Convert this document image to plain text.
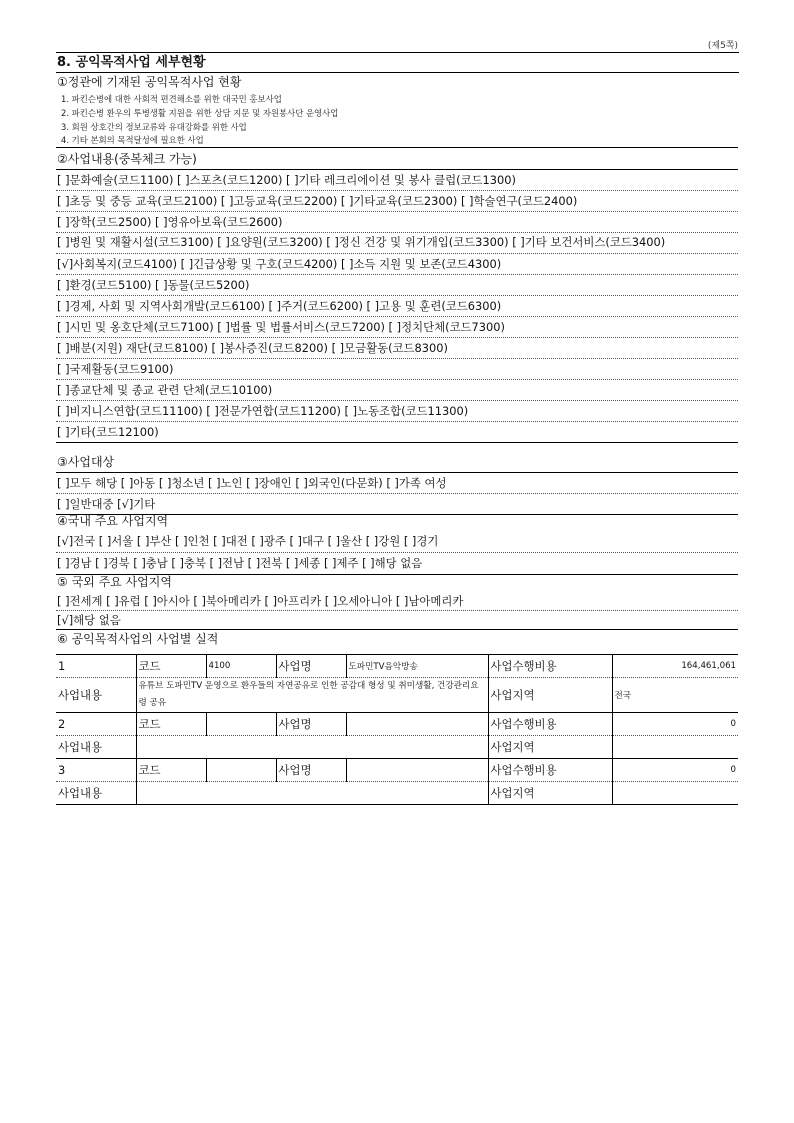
(제5쪽)
8. 공익목적사업 세부현황
①정관에 기재된 공익목적사업 현황
1. 파킨슨병에 대한 사회적 편견해소를 위한 대국민 홍보사업
2. 파킨슨병 환우의 투병생활 지원을 위한 상담 지문 및 자원봉사단 운영사업
3. 회원 상호간의 정보교류와 유대강화를 위한 사업
4. 기타 본회의 목적달성에 필요한 사업
②사업내용(중복체크 가능)
[ ]문화예술(코드1100) [ ]스포츠(코드1200) [ ]기타 레크리에이션 및 봉사 클럽(코드1300)
[ ]초등 및 중등 교육(코드2100) [ ]고등교육(코드2200) [ ]기타교육(코드2300) [ ]학술연구(코드2400)
[ ]장학(코드2500) [ ]영유아보육(코드2600)
[ ]병원 및 재활시설(코드3100) [ ]요양원(코드3200) [ ]정신 건강 및 위기개입(코드3300) [ ]기타 보건서비스(코드3400)
[√]사회복지(코드4100) [ ]긴급상황 및 구호(코드4200) [ ]소득 지원 및 보존(코드4300)
[ ]환경(코드5100) [ ]동물(코드5200)
[ ]경제, 사회 및 지역사회개발(코드6100) [ ]주거(코드6200) [ ]고용 및 훈련(코드6300)
[ ]시민 및 옹호단체(코드7100) [ ]법률 및 법률서비스(코드7200) [ ]정치단체(코드7300)
[ ]배분(지원) 재단(코드8100) [ ]봉사증진(코드8200) [ ]모금활동(코드8300)
[ ]국제활동(코드9100)
[ ]종교단체 및 종교 관련 단체(코드10100)
[ ]비지니스연합(코드11100) [ ]전문가연합(코드11200) [ ]노동조합(코드11300)
[ ]기타(코드12100)
③사업대상
[ ]모두 해당 [ ]아동 [ ]청소년 [ ]노인 [ ]장애인 [ ]외국인(다문화) [ ]가족 여성
[ ]일반대중 [√]기타
④국내 주요 사업지역
[√]전국 [ ]서울 [ ]부산 [ ]인천 [ ]대전 [ ]광주 [ ]대구 [ ]울산 [ ]강원 [ ]경기
[ ]경남 [ ]경북 [ ]충남 [ ]충북 [ ]전남 [ ]전북 [ ]세종 [ ]제주 [ ]해당 없음
⑤ 국외 주요 사업지역
[ ]전세계 [ ]유럽 [ ]아시아 [ ]북아메리카 [ ]아프리카 [ ]오세아니아 [ ]남아메리카
[√]해당 없음
⑥ 공익목적사업의 사업별 실적
1	코드	4100	사업명	도파민TV음악방송	사업수행비용	164,461,061
사업내용	유튜브 도파민TV 운영으로 환우들의 자연공유로 인한 공감대 형성 및 취미생활, 건강관리요령 공유				사업지역	전국
2	코드		사업명		사업수행비용	0
사업내용					사업지역	
3	코드		사업명		사업수행비용	0
사업내용					사업지역	
